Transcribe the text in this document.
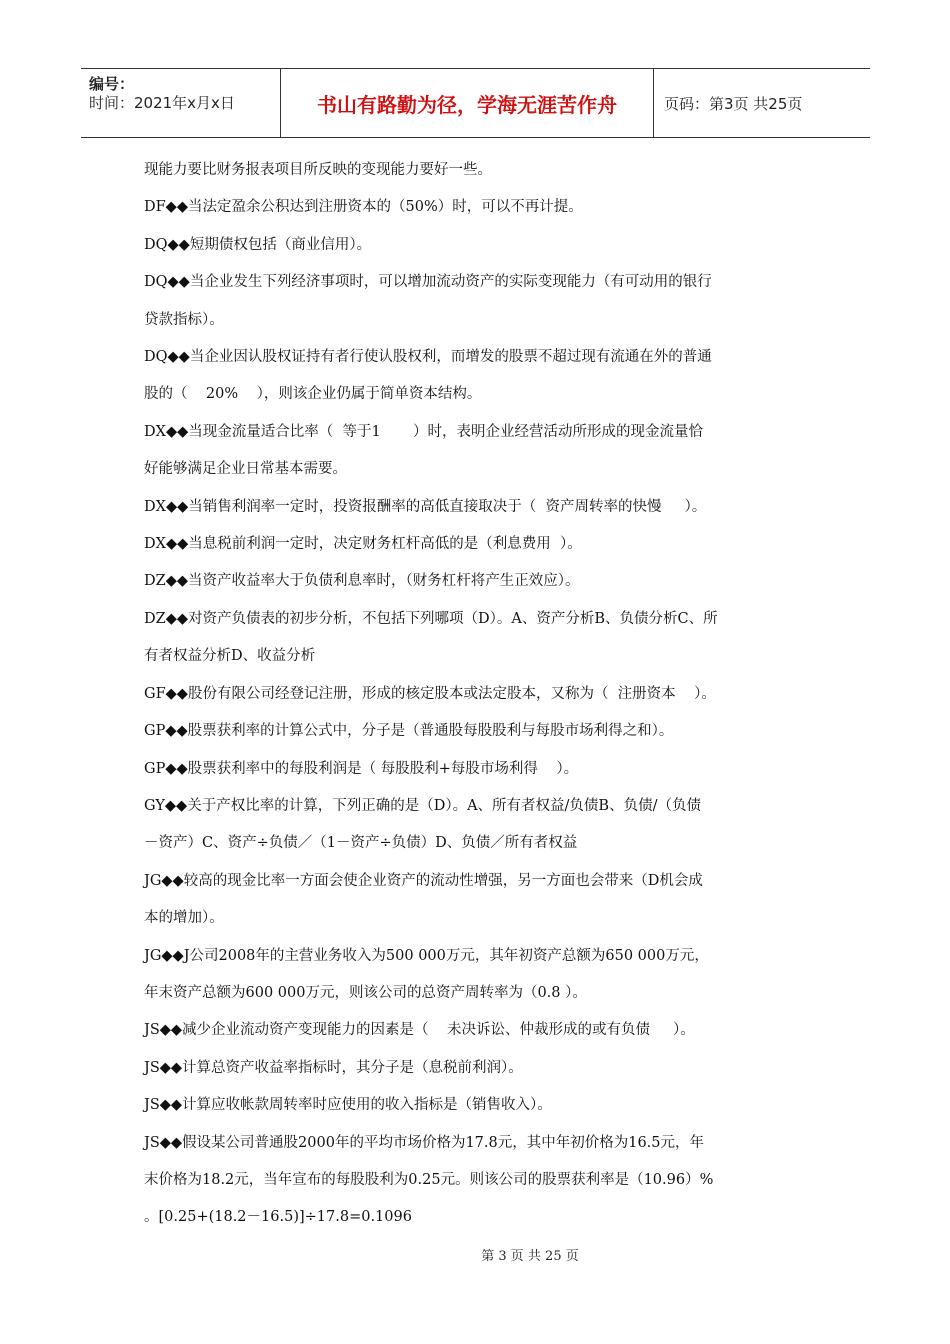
编号：
时间：2021年x月x日	书山有路勤为径，学海无涯苦作舟	页码：第3页 共25页

现能力要比财务报表项目所反映的变现能力要好一些。

DF◆◆当法定盈余公积达到注册资本的（50%）时，可以不再计提。

DQ◆◆短期债权包括（商业信用）。

DQ◆◆当企业发生下列经济事项时，可以增加流动资产的实际变现能力（有可动用的银行

贷款指标）。

DQ◆◆当企业因认股权证持有者行使认股权利，而增发的股票不超过现有流通在外的普通

股的（    20%    ），则该企业仍属于简单资本结构。

DX◆◆当现金流量适合比率（  等于1       ）时，表明企业经营活动所形成的现金流量恰

好能够满足企业日常基本需要。

DX◆◆当销售利润率一定时，投资报酬率的高低直接取决于（  资产周转率的快慢     ）。

DX◆◆当息税前利润一定时，决定财务杠杆高低的是（利息费用  ）。

DZ◆◆当资产收益率大于负债利息率时，（财务杠杆将产生正效应）。

DZ◆◆对资产负债表的初步分析，不包括下列哪项（D）。A、资产分析B、负债分析C、所

有者权益分析D、收益分析

GF◆◆股份有限公司经登记注册，形成的核定股本或法定股本，又称为（  注册资本    ）。

GP◆◆股票获利率的计算公式中，分子是（普通股每股股利与每股市场利得之和）。

GP◆◆股票获利率中的每股利润是（ 每股股利+每股市场利得    ）。

GY◆◆关于产权比率的计算，下列正确的是（D）。A、所有者权益/负债B、负债/（负债

－资产）C、资产÷负债／（1－资产÷负债）D、负债／所有者权益

JG◆◆较高的现金比率一方面会使企业资产的流动性增强，另一方面也会带来（D机会成

本的增加）。

JG◆◆J公司2008年的主营业务收入为500 000万元，其年初资产总额为650 000万元，

年末资产总额为600 000万元，则该公司的总资产周转率为（0.8 ）。

JS◆◆减少企业流动资产变现能力的因素是（    未决诉讼、仲裁形成的或有负债     ）。

JS◆◆计算总资产收益率指标时，其分子是（息税前利润）。

JS◆◆计算应收帐款周转率时应使用的收入指标是（销售收入）。

JS◆◆假设某公司普通股2000年的平均市场价格为17.8元，其中年初价格为16.5元，年

末价格为18.2元，当年宣布的每股股利为0.25元。则该公司的股票获利率是（10.96）%

。[0.25+(18.2－16.5)]÷17.8=0.1096

第 3 页 共 25 页
